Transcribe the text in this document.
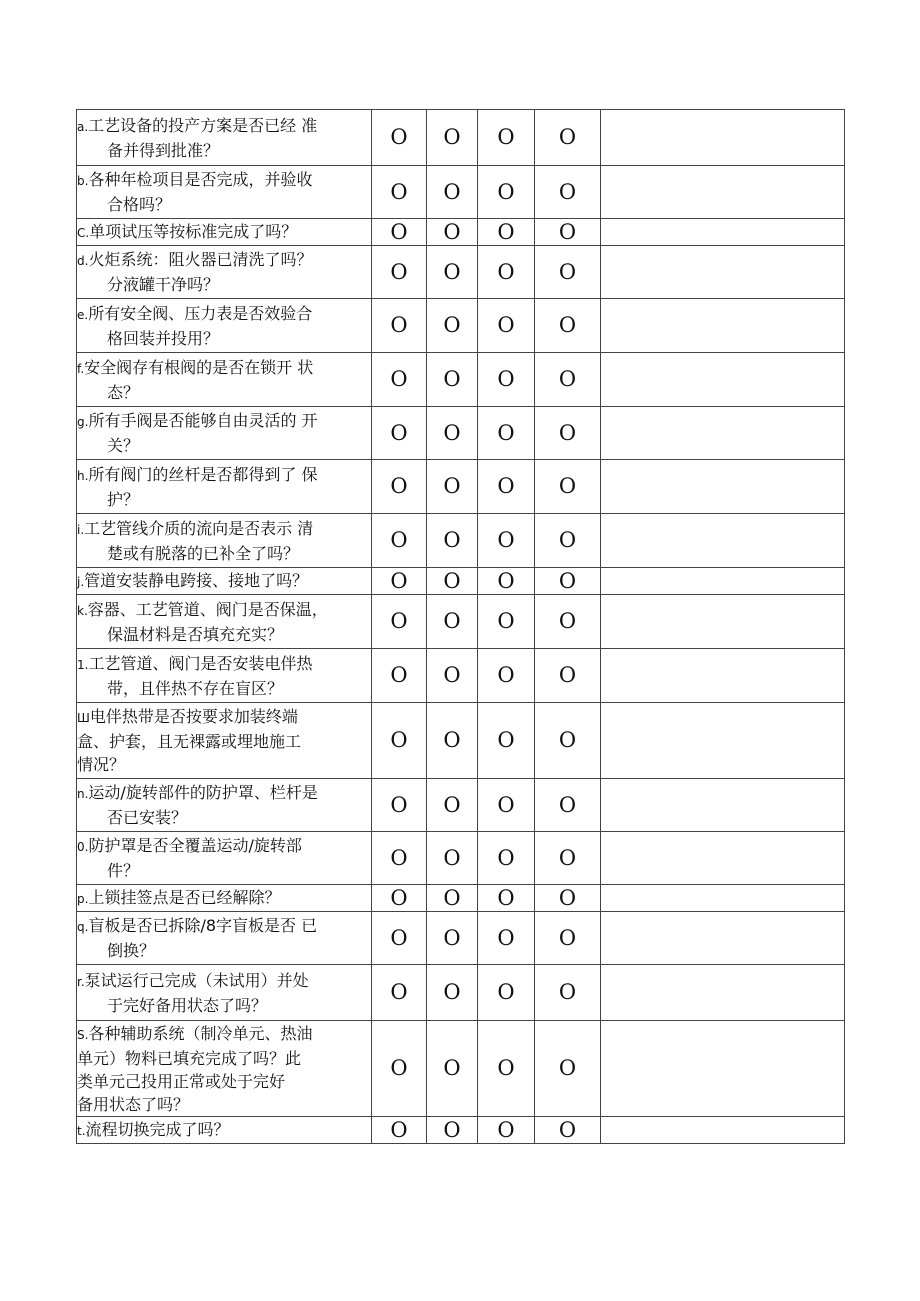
a.工艺设备的投产方案是否已经 准
备并得到批准？	O	O	O	O	

b.各种年检项目是否完成，并验收
合格吗？	O	O	O	O	

C.单项试压等按标准完成了吗？	O	O	O	O	

d.火炬系统：阻火器已清洗了吗？
分液罐干净吗？	O	O	O	O	

e.所有安全阀、压力表是否效验合
格回装并投用？	O	O	O	O	

f.安全阀存有根阀的是否在锁开 状
态？	O	O	O	O	

g.所有手阀是否能够自由灵活的 开
关？	O	O	O	O	

h.所有阀门的丝杆是否都得到了 保
护？	O	O	O	O	

i.工艺管线介质的流向是否表示 清
楚或有脱落的已补全了吗？	O	O	O	O	

j.管道安装静电跨接、接地了吗？	O	O	O	O	

k.容器、工艺管道、阀门是否保温，
保温材料是否填充充实？	O	O	O	O	

1.工艺管道、阀门是否安装电伴热
带，且伴热不存在盲区？	O	O	O	O	

Ш电伴热带是否按要求加装终端
盒、护套，且无裸露或埋地施工
情况？	O	O	O	O	

n.运动/旋转部件的防护罩、栏杆是
否已安装？	O	O	O	O	

0.防护罩是否全覆盖运动/旋转部
件？	O	O	O	O	

p.上锁挂签点是否已经解除？	O	O	O	O	

q.盲板是否已拆除/8字盲板是否 已
倒换？	O	O	O	O	

r.泵试运行己完成（未试用）并处
于完好备用状态了吗？	O	O	O	O	

S.各种辅助系统（制冷单元、热油
单元）物料已填充完成了吗？此
类单元己投用正常或处于完好
备用状态了吗？	O	O	O	O	

t.流程切换完成了吗？	O	O	O	O	
